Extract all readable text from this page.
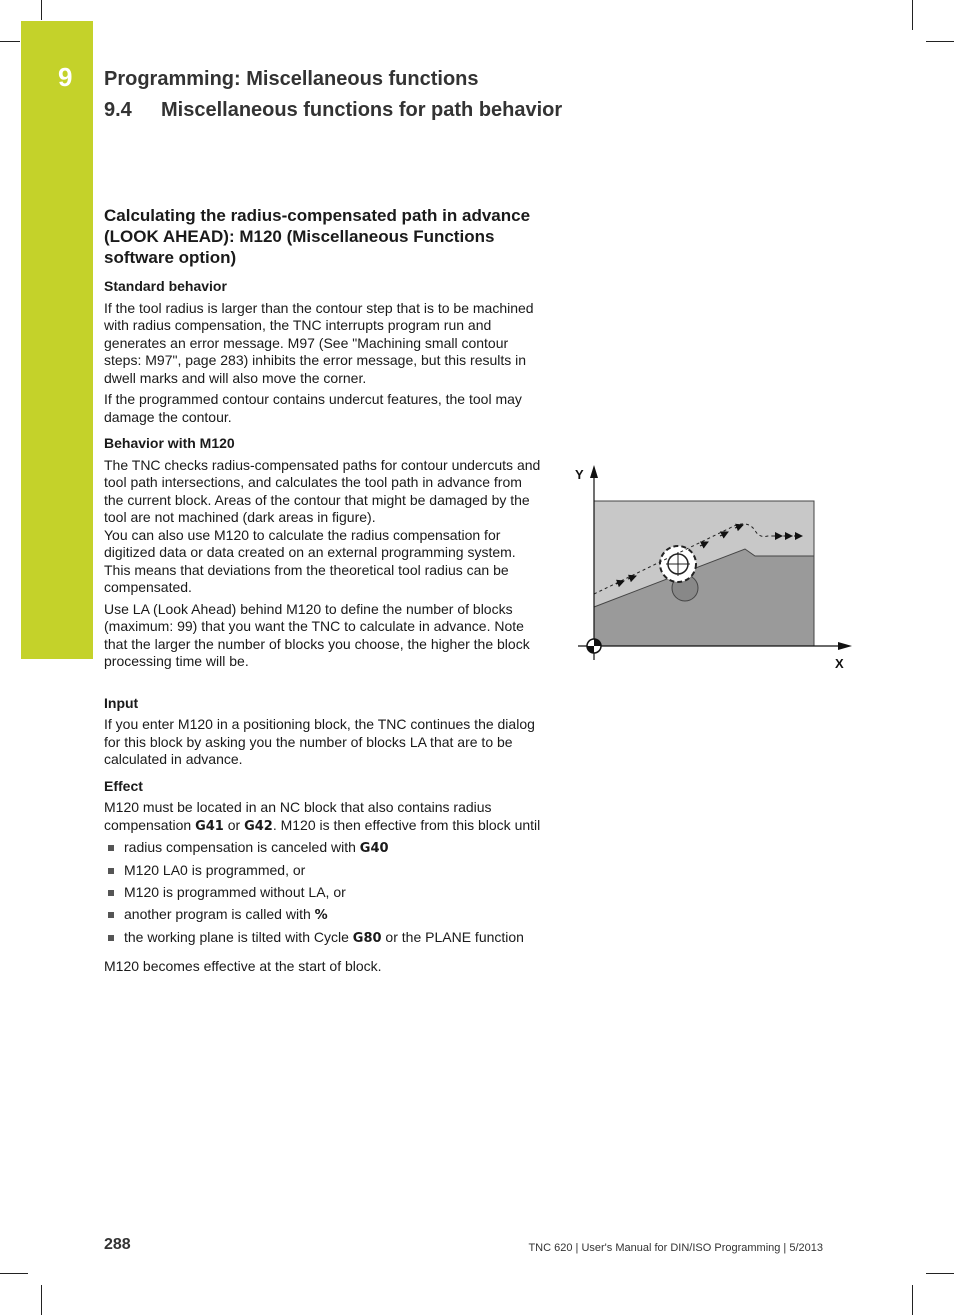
9 Programming: Miscellaneous functions
9.4 Miscellaneous functions for path behavior
Calculating the radius-compensated path in advance (LOOK AHEAD): M120 (Miscellaneous Functions software option)
Standard behavior
If the tool radius is larger than the contour step that is to be machined with radius compensation, the TNC interrupts program run and generates an error message. M97 (See "Machining small contour steps: M97", page 283) inhibits the error message, but this results in dwell marks and will also move the corner.
If the programmed contour contains undercut features, the tool may damage the contour.
Behavior with M120
The TNC checks radius-compensated paths for contour undercuts and tool path intersections, and calculates the tool path in advance from the current block. Areas of the contour that might be damaged by the tool are not machined (dark areas in figure).
You can also use M120 to calculate the radius compensation for digitized data or data created on an external programming system. This means that deviations from the theoretical tool radius can be compensated.
Use LA (Look Ahead) behind M120 to define the number of blocks (maximum: 99) that you want the TNC to calculate in advance. Note that the larger the number of blocks you choose, the higher the block processing time will be.
Input
If you enter M120 in a positioning block, the TNC continues the dialog for this block by asking you the number of blocks LA that are to be calculated in advance.
Effect
M120 must be located in an NC block that also contains radius compensation G41 or G42. M120 is then effective from this block until
radius compensation is canceled with G40
M120 LA0 is programmed, or
M120 is programmed without LA, or
another program is called with %
the working plane is tilted with Cycle G80 or the PLANE function
M120 becomes effective at the start of block.
Y
X
288	TNC 620 | User's Manual for DIN/ISO Programming | 5/2013
